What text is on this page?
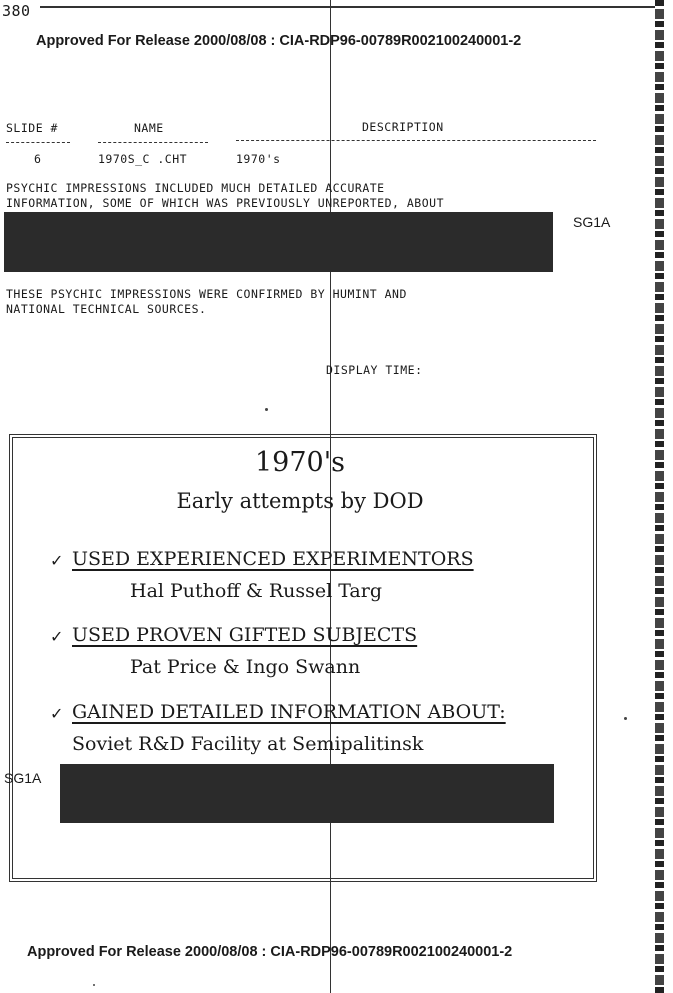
380
Approved For Release 2000/08/08 : CIA-RDP96-00789R002100240001-2
SLIDE #	NAME	DESCRIPTION
6	1970S_C .CHT	1970's
PSYCHIC IMPRESSIONS INCLUDED MUCH DETAILED ACCURATE
INFORMATION, SOME OF WHICH WAS PREVIOUSLY UNREPORTED, ABOUT
SG1A
THESE PSYCHIC IMPRESSIONS WERE CONFIRMED BY HUMINT AND
NATIONAL TECHNICAL SOURCES.
DISPLAY TIME:
1970's
Early attempts by DOD
✓ USED EXPERIENCED EXPERIMENTORS
Hal Puthoff & Russel Targ
✓ USED PROVEN GIFTED SUBJECTS
Pat Price & Ingo Swann
✓ GAINED DETAILED INFORMATION ABOUT:
Soviet R&D Facility at Semipalitinsk
SG1A
Approved For Release 2000/08/08 : CIA-RDP96-00789R002100240001-2
